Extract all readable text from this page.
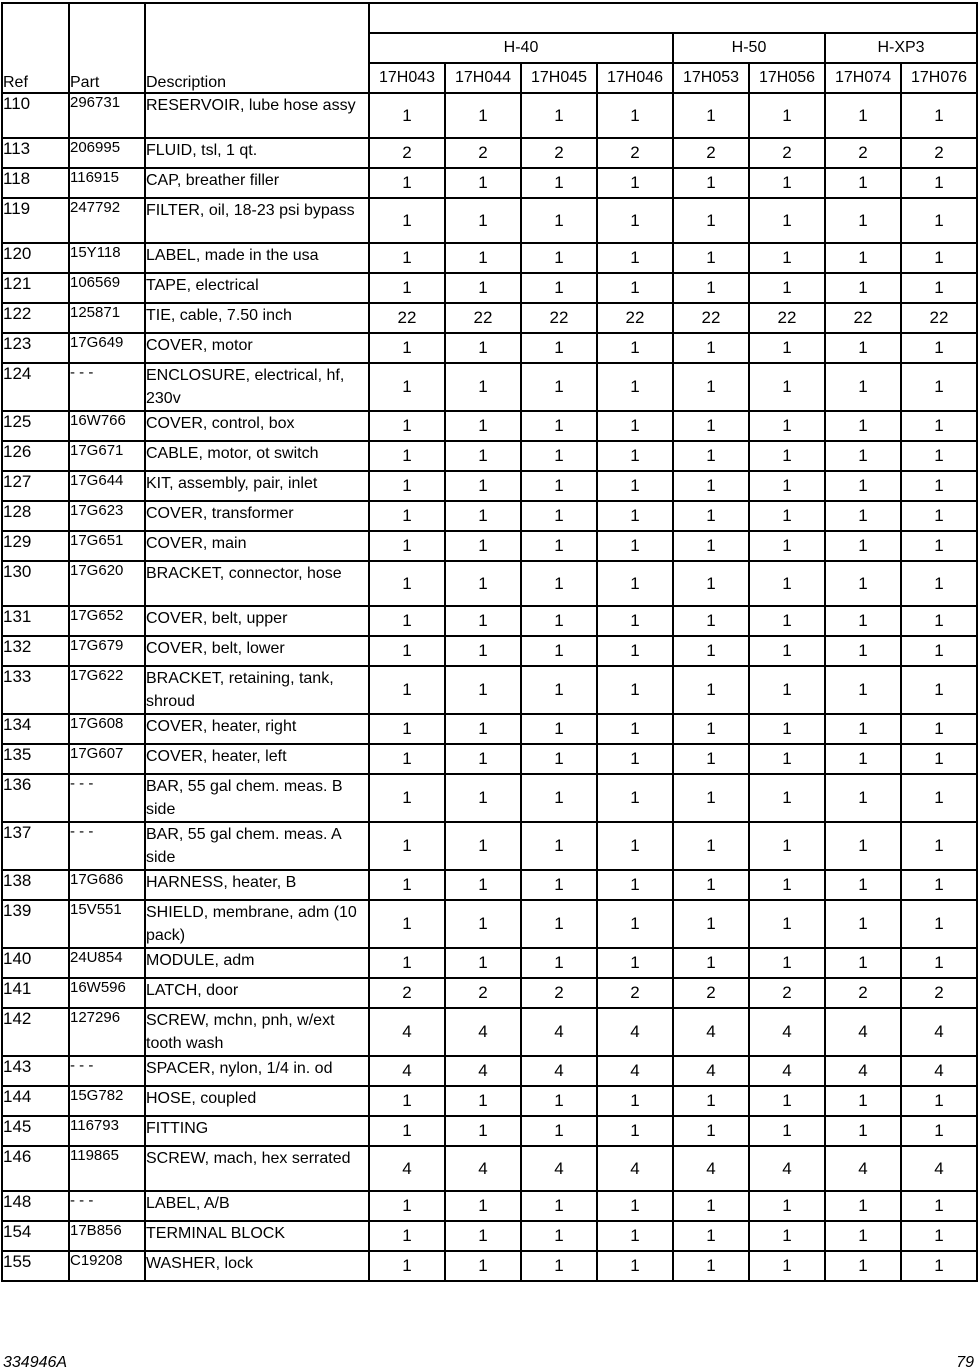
Ref	Part	Description								
			H-40				H-50		H-XP3	
			17H043	17H044	17H045	17H046	17H053	17H056	17H074	17H076
110	296731	RESERVOIR, lube hose assy	1	1	1	1	1	1	1	1
113	206995	FLUID, tsl, 1 qt.	2	2	2	2	2	2	2	2
118	116915	CAP, breather filler	1	1	1	1	1	1	1	1
119	247792	FILTER, oil, 18-23 psi bypass	1	1	1	1	1	1	1	1
120	15Y118	LABEL, made in the usa	1	1	1	1	1	1	1	1
121	106569	TAPE, electrical	1	1	1	1	1	1	1	1
122	125871	TIE, cable, 7.50 inch	22	22	22	22	22	22	22	22
123	17G649	COVER, motor	1	1	1	1	1	1	1	1
124	- - -	ENCLOSURE, electrical, hf, 230v	1	1	1	1	1	1	1	1
125	16W766	COVER, control, box	1	1	1	1	1	1	1	1
126	17G671	CABLE, motor, ot switch	1	1	1	1	1	1	1	1
127	17G644	KIT, assembly, pair, inlet	1	1	1	1	1	1	1	1
128	17G623	COVER, transformer	1	1	1	1	1	1	1	1
129	17G651	COVER, main	1	1	1	1	1	1	1	1
130	17G620	BRACKET, connector, hose	1	1	1	1	1	1	1	1
131	17G652	COVER, belt, upper	1	1	1	1	1	1	1	1
132	17G679	COVER, belt, lower	1	1	1	1	1	1	1	1
133	17G622	BRACKET, retaining, tank, shroud	1	1	1	1	1	1	1	1
134	17G608	COVER, heater, right	1	1	1	1	1	1	1	1
135	17G607	COVER, heater, left	1	1	1	1	1	1	1	1
136	- - -	BAR, 55 gal chem. meas. B side	1	1	1	1	1	1	1	1
137	- - -	BAR, 55 gal chem. meas. A side	1	1	1	1	1	1	1	1
138	17G686	HARNESS, heater, B	1	1	1	1	1	1	1	1
139	15V551	SHIELD, membrane, adm (10 pack)	1	1	1	1	1	1	1	1
140	24U854	MODULE, adm	1	1	1	1	1	1	1	1
141	16W596	LATCH, door	2	2	2	2	2	2	2	2
142	127296	SCREW, mchn, pnh, w/ext tooth wash	4	4	4	4	4	4	4	4
143	- - -	SPACER, nylon, 1/4 in. od	4	4	4	4	4	4	4	4
144	15G782	HOSE, coupled	1	1	1	1	1	1	1	1
145	116793	FITTING	1	1	1	1	1	1	1	1
146	119865	SCREW, mach, hex serrated	4	4	4	4	4	4	4	4
148	- - -	LABEL, A/B	1	1	1	1	1	1	1	1
154	17B856	TERMINAL BLOCK	1	1	1	1	1	1	1	1
155	C19208	WASHER, lock	1	1	1	1	1	1	1	1
334946A	79
